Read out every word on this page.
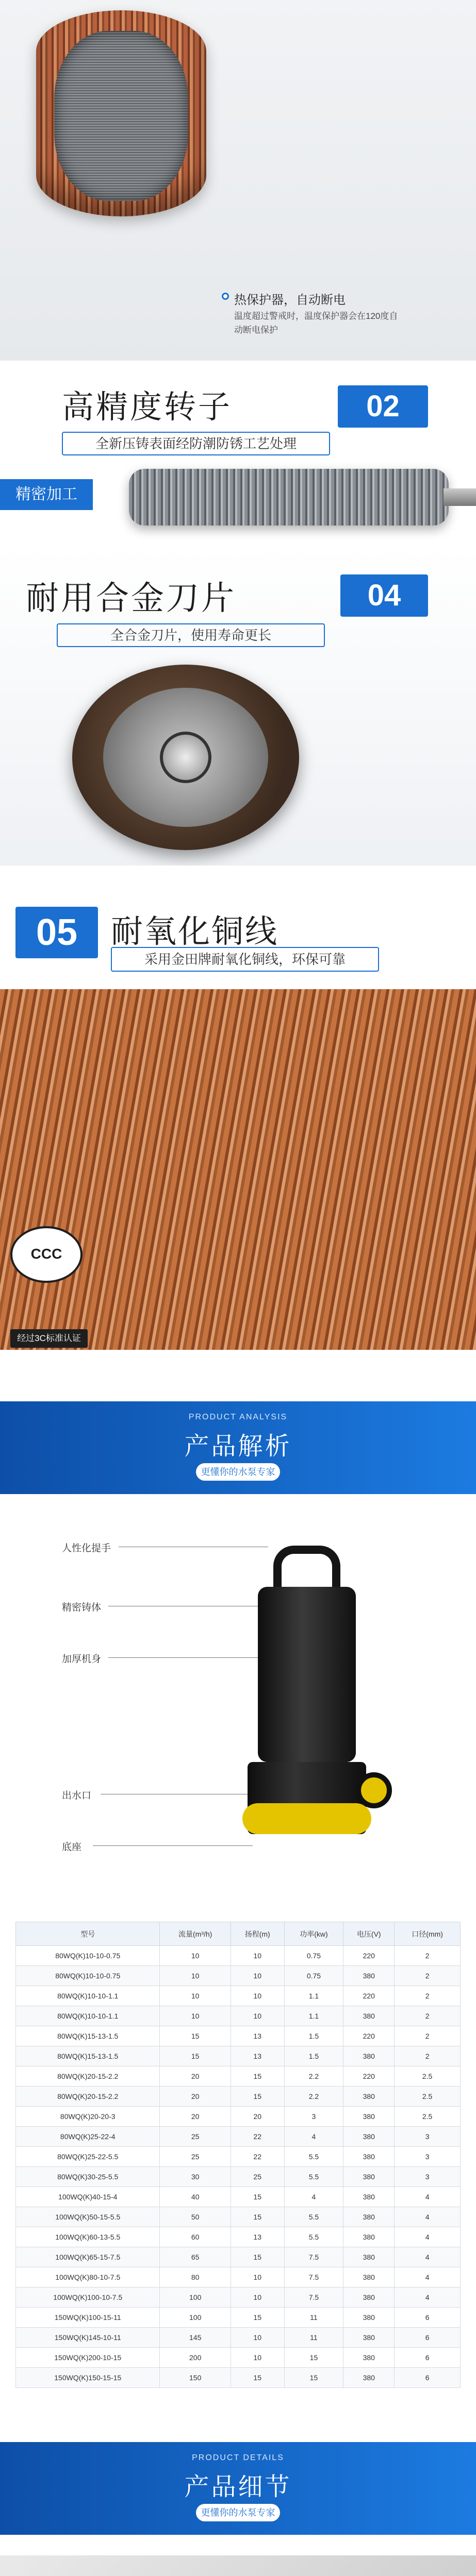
热保护器，自动断电
温度超过警戒时，温度保护器会在120度自动断电保护
高精度转子	02
全新压铸表面经防潮防锈工艺处理
精密加工
耐用合金刀片	04
全合金刀片，使用寿命更长
05	耐氧化铜线
采用金田牌耐氧化铜线，环保可靠
CCC
经过3C标准认证
PRODUCT ANALYSIS
产品解析
更懂你的水泵专家
人性化提手
精密铸体
加厚机身
出水口
底座
型号	流量(m³/h)	扬程(m)	功率(kw)	电压(V)	口径(mm)
80WQ(K)10-10-0.75	10	10	0.75	220	2
80WQ(K)10-10-0.75	10	10	0.75	380	2
80WQ(K)10-10-1.1	10	10	1.1	220	2
80WQ(K)10-10-1.1	10	10	1.1	380	2
80WQ(K)15-13-1.5	15	13	1.5	220	2
80WQ(K)15-13-1.5	15	13	1.5	380	2
80WQ(K)20-15-2.2	20	15	2.2	220	2.5
80WQ(K)20-15-2.2	20	15	2.2	380	2.5
80WQ(K)20-20-3	20	20	3	380	2.5
80WQ(K)25-22-4	25	22	4	380	3
80WQ(K)25-22-5.5	25	22	5.5	380	3
80WQ(K)30-25-5.5	30	25	5.5	380	3
100WQ(K)40-15-4	40	15	4	380	4
100WQ(K)50-15-5.5	50	15	5.5	380	4
100WQ(K)60-13-5.5	60	13	5.5	380	4
100WQ(K)65-15-7.5	65	15	7.5	380	4
100WQ(K)80-10-7.5	80	10	7.5	380	4
100WQ(K)100-10-7.5	100	10	7.5	380	4
150WQ(K)100-15-11	100	15	11	380	6
150WQ(K)145-10-11	145	10	11	380	6
150WQ(K)200-10-15	200	10	15	380	6
150WQ(K)150-15-15	150	15	15	380	6
PRODUCT DETAILS
产品细节
更懂你的水泵专家
